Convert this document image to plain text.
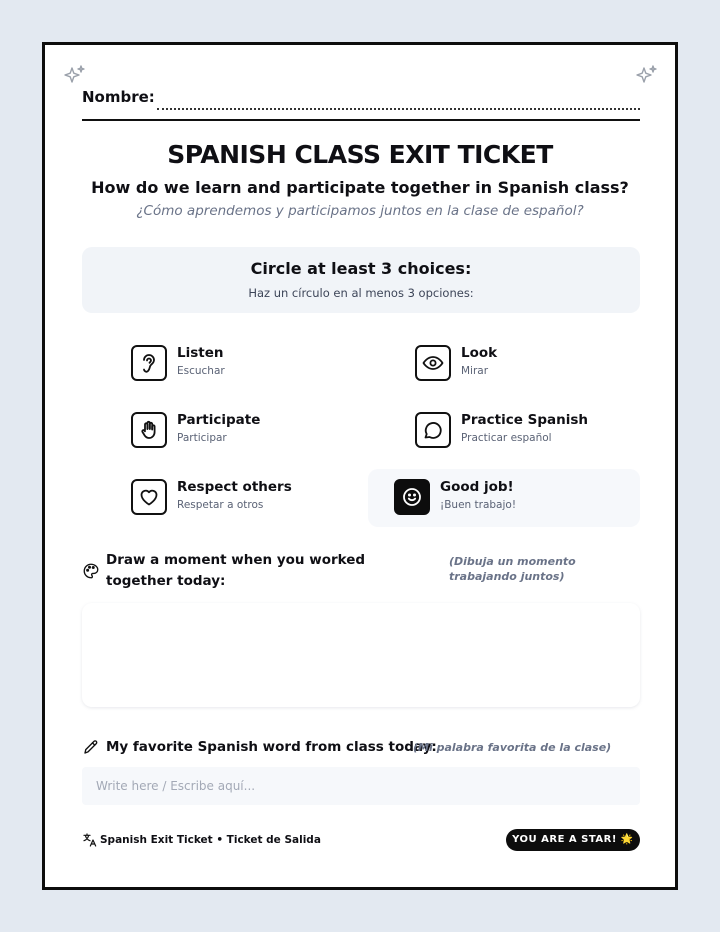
Nombre:
SPANISH CLASS EXIT TICKET
How do we learn and participate together in Spanish class?
¿Cómo aprendemos y participamos juntos en la clase de español?
Circle at least 3 choices:
Haz un círculo en al menos 3 opciones:
Listen
Escuchar
Look
Mirar
Participate
Participar
Practice Spanish
Practicar español
Respect others
Respetar a otros
Good job!
¡Buen trabajo!
Draw a moment when you worked together today:
(Dibuja un momento trabajando juntos)
My favorite Spanish word from class today:
(Mi palabra favorita de la clase)
Write here / Escribe aquí...
Spanish Exit Ticket • Ticket de Salida	YOU ARE A STAR! 🌟
